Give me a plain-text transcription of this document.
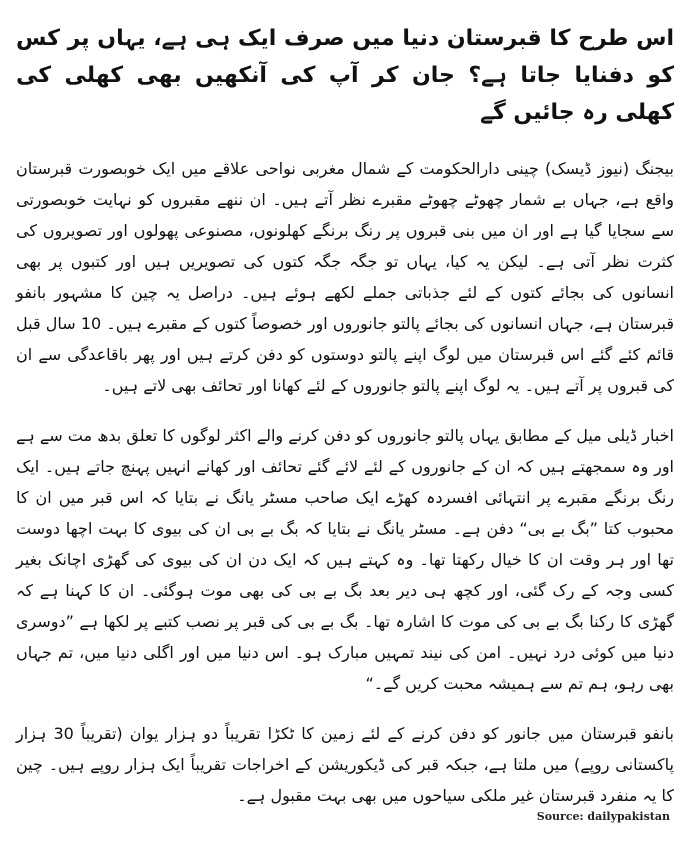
اس طرح کا قبرستان دنیا میں صرف ایک ہی ہے، یہاں پر کس کو دفنایا جاتا ہے؟ جان کر آپ کی آنکھیں بھی کھلی کی کھلی رہ جائیں گے

بیجنگ (نیوز ڈیسک) چینی دارالحکومت کے شمال مغربی نواحی علاقے میں ایک خوبصورت قبرستان واقع ہے، جہاں بے شمار چھوٹے چھوٹے مقبرے نظر آتے ہیں۔ ان ننھے مقبروں کو نہایت خوبصورتی سے سجایا گیا ہے اور ان میں بنی قبروں پر رنگ برنگے کھلونوں، مصنوعی پھولوں اور تصویروں کی کثرت نظر آتی ہے۔ لیکن یہ کیا، یہاں تو جگہ جگہ کتوں کی تصویریں ہیں اور کتبوں پر بھی انسانوں کی بجائے کتوں کے لئے جذباتی جملے لکھے ہوئے ہیں۔ دراصل یہ چین کا مشہور بانفو قبرستان ہے، جہاں انسانوں کی بجائے پالتو جانوروں اور خصوصاً کتوں کے مقبرے ہیں۔ 10 سال قبل قائم کئے گئے اس قبرستان میں لوگ اپنے پالتو دوستوں کو دفن کرتے ہیں اور پھر باقاعدگی سے ان کی قبروں پر آتے ہیں۔ یہ لوگ اپنے پالتو جانوروں کے لئے کھانا اور تحائف بھی لاتے ہیں۔

اخبار ڈیلی میل کے مطابق یہاں پالتو جانوروں کو دفن کرنے والے اکثر لوگوں کا تعلق بدھ مت سے ہے اور وہ سمجھتے ہیں کہ ان کے جانوروں کے لئے لائے گئے تحائف اور کھانے انہیں پہنچ جاتے ہیں۔ ایک رنگ برنگے مقبرے پر انتہائی افسردہ کھڑے ایک صاحب مسٹر یانگ نے بتایا کہ اس قبر میں ان کا محبوب کتا ”بگ بے بی“ دفن ہے۔ مسٹر یانگ نے بتایا کہ بگ بے بی ان کی بیوی کا بہت اچھا دوست تھا اور ہر وقت ان کا خیال رکھتا تھا۔ وہ کہتے ہیں کہ ایک دن ان کی بیوی کی گھڑی اچانک بغیر کسی وجہ کے رک گئی، اور کچھ ہی دیر بعد بگ بے بی کی بھی موت ہوگئی۔ ان کا کہنا ہے کہ گھڑی کا رکنا بگ بے بی کی موت کا اشارہ تھا۔ بگ بے بی کی قبر پر نصب کتبے پر لکھا ہے ”دوسری دنیا میں کوئی درد نہیں۔ امن کی نیند تمہیں مبارک ہو۔ اس دنیا میں اور اگلی دنیا میں، تم جہاں بھی رہو، ہم تم سے ہمیشہ محبت کریں گے۔“

بانفو قبرستان میں جانور کو دفن کرنے کے لئے زمین کا ٹکڑا تقریباً دو ہزار یوان (تقریباً 30 ہزار پاکستانی روپے) میں ملتا ہے، جبکہ قبر کی ڈیکوریشن کے اخراجات تقریباً ایک ہزار روپے ہیں۔ چین کا یہ منفرد قبرستان غیر ملکی سیاحوں میں بھی بہت مقبول ہے۔

Source: dailypakistan
